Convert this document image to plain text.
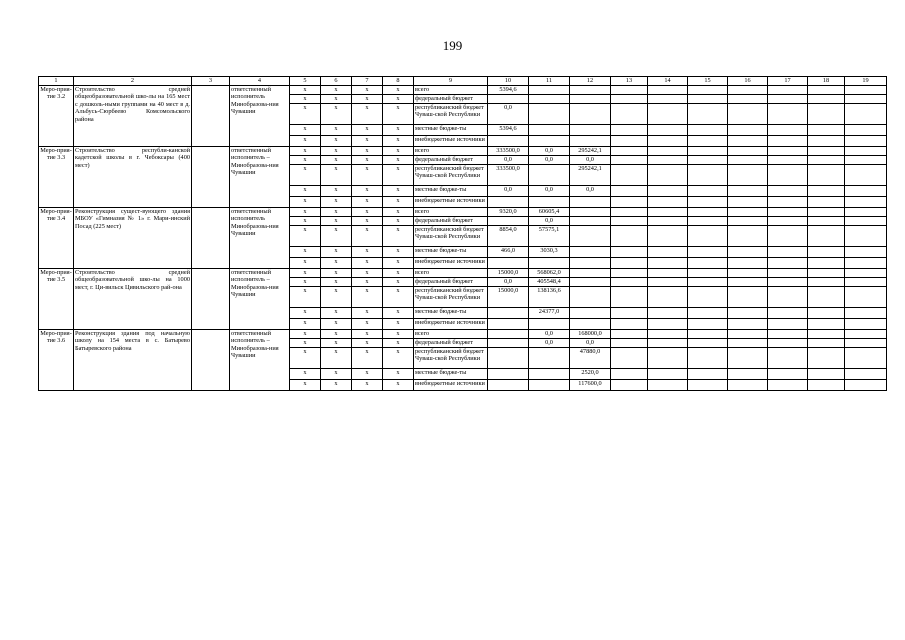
199
1	2	3	4	5	6	7	8	9	10	11	12	13	14	15	16	17	18	19
Меро-прия-тие 3.2	Строительство средней общеобразовательной шко-лы на 165 мест с дошколь-ными группами на 40 мест в д. Альбусь-Сюрбеево Комсомольского района		ответственный исполнитель Минобразова-ния Чувашии	x	x	x	x	всего	5394,6									
				x	x	x	x	федеральный бюджет										
				x	x	x	x	республиканский бюджет Чуваш-ской Республики	0,0									
				x	x	x	x	местные бюдже-ты	5394,6									
				x	x	x	x	внебюджетные источники										
Меро-прия-тие 3.3	Строительство республи-канской кадетской школы в г. Чебоксары (400 мест)		ответственный исполнитель – Минобразова-ния Чувашии	x	x	x	x	всего	333500,0	0,0	295242,1							
				x	x	x	x	федеральный бюджет	0,0	0,0	0,0							
				x	x	x	x	республиканский бюджет Чуваш-ской Республики	333500,0		295242,1							
				x	x	x	x	местные бюдже-ты	0,0	0,0	0,0							
				x	x	x	x	внебюджетные источники										
Меро-прия-тие 3.4	Реконструкция сущест-вующего здания МБОУ «Гимназия № 1» г. Мари-инский Посад (225 мест)		ответственный исполнитель Минобразова-ния Чувашии	x	x	x	x	всего	9320,0	60605,4								
				x	x	x	x	федеральный бюджет		0,0								
				x	x	x	x	республиканский бюджет Чуваш-ской Республики	8854,0	57575,1								
				x	x	x	x	местные бюдже-ты	466,0	3030,3								
				x	x	x	x	внебюджетные источники										
Меро-прия-тие 3.5	Строительство средней общеобразовательной шко-лы на 1000 мест, г. Ци-вильск Цивильского рай-она		ответственный исполнитель – Минобразова-ния Чувашии	x	x	x	x	всего	15000,0	568062,0								
				x	x	x	x	федеральный бюджет	0,0	405548,4								
				x	x	x	x	республиканский бюджет Чуваш-ской Республики	15000,0	138136,6								
				x	x	x	x	местные бюдже-ты		24377,0								
				x	x	x	x	внебюджетные источники										
Меро-прия-тие 3.6	Реконструкция здания под начальную школу на 154 места в с. Батырево Батыревского района		ответственный исполнитель – Минобразова-ния Чувашии	x	x	x	x	всего		0,0	168000,0							
				x	x	x	x	федеральный бюджет		0,0	0,0							
				x	x	x	x	республиканский бюджет Чуваш-ской Республики			47880,0							
				x	x	x	x	местные бюдже-ты			2520,0							
				x	x	x	x	внебюджетные источники			117600,0							
